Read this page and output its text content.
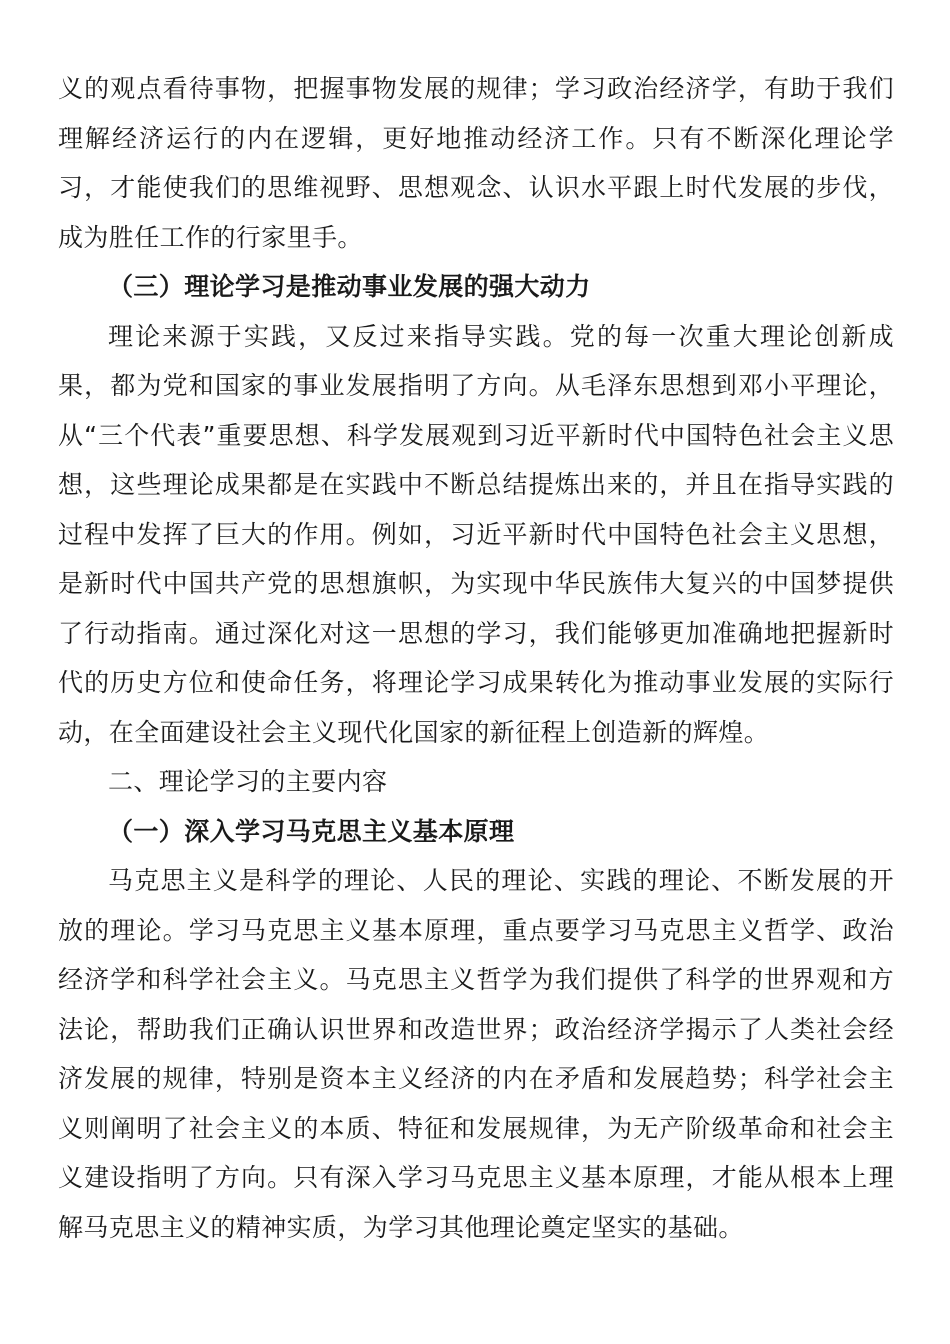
义的观点看待事物，把握事物发展的规律；学习政治经济学，有助于我们理解经济运行的内在逻辑，更好地推动经济工作。只有不断深化理论学习，才能使我们的思维视野、思想观念、认识水平跟上时代发展的步伐，成为胜任工作的行家里手。

（三）理论学习是推动事业发展的强大动力

理论来源于实践，又反过来指导实践。党的每一次重大理论创新成果，都为党和国家的事业发展指明了方向。从毛泽东思想到邓小平理论，从“三个代表”重要思想、科学发展观到习近平新时代中国特色社会主义思想，这些理论成果都是在实践中不断总结提炼出来的，并且在指导实践的过程中发挥了巨大的作用。例如，习近平新时代中国特色社会主义思想，是新时代中国共产党的思想旗帜，为实现中华民族伟大复兴的中国梦提供了行动指南。通过深化对这一思想的学习，我们能够更加准确地把握新时代的历史方位和使命任务，将理论学习成果转化为推动事业发展的实际行动，在全面建设社会主义现代化国家的新征程上创造新的辉煌。

二、理论学习的主要内容

（一）深入学习马克思主义基本原理

马克思主义是科学的理论、人民的理论、实践的理论、不断发展的开放的理论。学习马克思主义基本原理，重点要学习马克思主义哲学、政治经济学和科学社会主义。马克思主义哲学为我们提供了科学的世界观和方法论，帮助我们正确认识世界和改造世界；政治经济学揭示了人类社会经济发展的规律，特别是资本主义经济的内在矛盾和发展趋势；科学社会主义则阐明了社会主义的本质、特征和发展规律，为无产阶级革命和社会主义建设指明了方向。只有深入学习马克思主义基本原理，才能从根本上理解马克思主义的精神实质，为学习其他理论奠定坚实的基础。
